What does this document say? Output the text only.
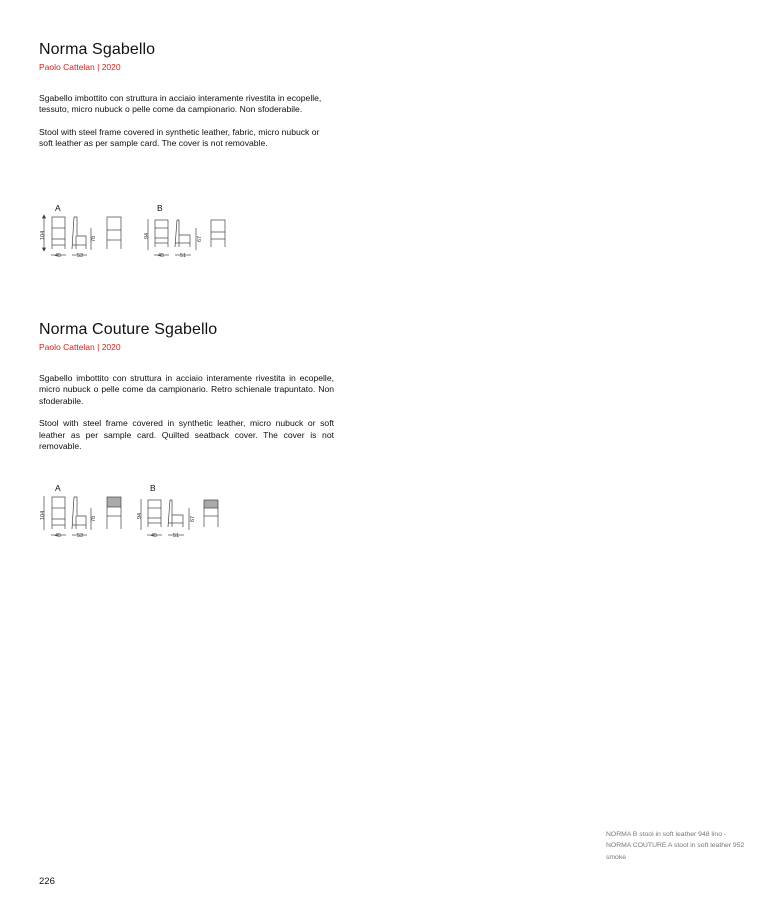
Norma Sgabello
Paolo Cattelan | 2020

Sgabello imbottito con struttura in acciaio interamente rivestita in ecopelle, tessuto, micro nubuck o pelle come da campionario. Non sfoderabile.

Stool with steel frame covered in synthetic leather, fabric, micro nubuck or soft leather as per sample card. The cover is not removable.

A
104	78
45	53
B
94	67
45	51
Norma Couture Sgabello
Paolo Cattelan | 2020

Sgabello imbottito con struttura in acciaio interamente rivestita in ecopelle, micro nubuck o pelle come da campionario. Retro schienale trapuntato. Non sfoderabile.

Stool with steel frame covered in synthetic leather, micro nubuck or soft leather as per sample card. Quilted seatback cover. The cover is not removable.

A
104	78
45	53
B
94	67
45	51
NORMA B stool in soft leather 948 lino - NORMA COUTURE A stool in soft leather 952 smoke
226
